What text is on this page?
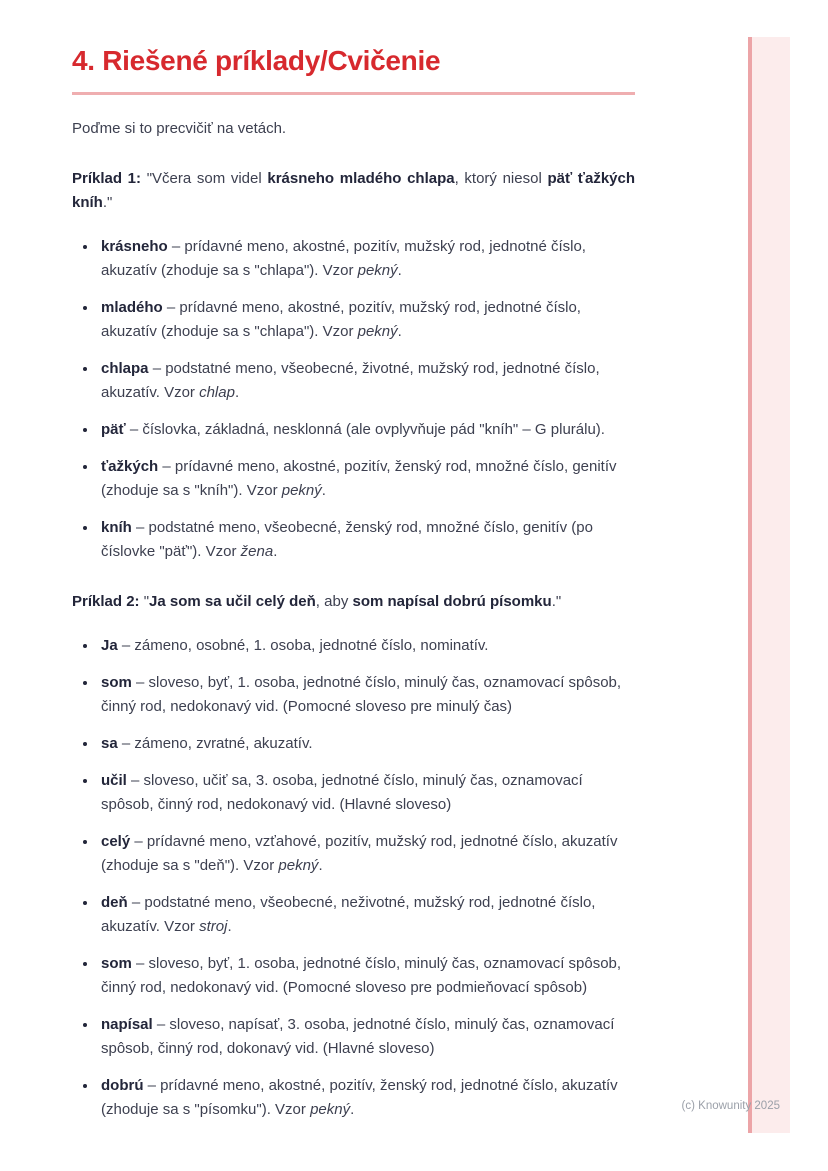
4. Riešené príklady/Cvičenie

Poďme si to precvičiť na vetách.

Príklad 1: "Včera som videl krásneho mladého chlapa, ktorý niesol päť ťažkých kníh."

• krásneho – prídavné meno, akostné, pozitív, mužský rod, jednotné číslo, akuzatív (zhoduje sa s "chlapa"). Vzor pekný.
• mladého – prídavné meno, akostné, pozitív, mužský rod, jednotné číslo, akuzatív (zhoduje sa s "chlapa"). Vzor pekný.
• chlapa – podstatné meno, všeobecné, životné, mužský rod, jednotné číslo, akuzatív. Vzor chlap.
• päť – číslovka, základná, nesklonná (ale ovplyvňuje pád "kníh" – G plurálu).
• ťažkých – prídavné meno, akostné, pozitív, ženský rod, množné číslo, genitív (zhoduje sa s "kníh"). Vzor pekný.
• kníh – podstatné meno, všeobecné, ženský rod, množné číslo, genitív (po číslovke "päť"). Vzor žena.

Príklad 2: "Ja som sa učil celý deň, aby som napísal dobrú písomku."

• Ja – zámeno, osobné, 1. osoba, jednotné číslo, nominatív.
• som – sloveso, byť, 1. osoba, jednotné číslo, minulý čas, oznamovací spôsob, činný rod, nedokonavý vid. (Pomocné sloveso pre minulý čas)
• sa – zámeno, zvratné, akuzatív.
• učil – sloveso, učiť sa, 3. osoba, jednotné číslo, minulý čas, oznamovací spôsob, činný rod, nedokonavý vid. (Hlavné sloveso)
• celý – prídavné meno, vzťahové, pozitív, mužský rod, jednotné číslo, akuzatív (zhoduje sa s "deň"). Vzor pekný.
• deň – podstatné meno, všeobecné, neživotné, mužský rod, jednotné číslo, akuzatív. Vzor stroj.
• som – sloveso, byť, 1. osoba, jednotné číslo, minulý čas, oznamovací spôsob, činný rod, nedokonavý vid. (Pomocné sloveso pre podmieňovací spôsob)
• napísal – sloveso, napísať, 3. osoba, jednotné číslo, minulý čas, oznamovací spôsob, činný rod, dokonavý vid. (Hlavné sloveso)
• dobrú – prídavné meno, akostné, pozitív, ženský rod, jednotné číslo, akuzatív (zhoduje sa s "písomku"). Vzor pekný.	(c) Knowunity 2025
